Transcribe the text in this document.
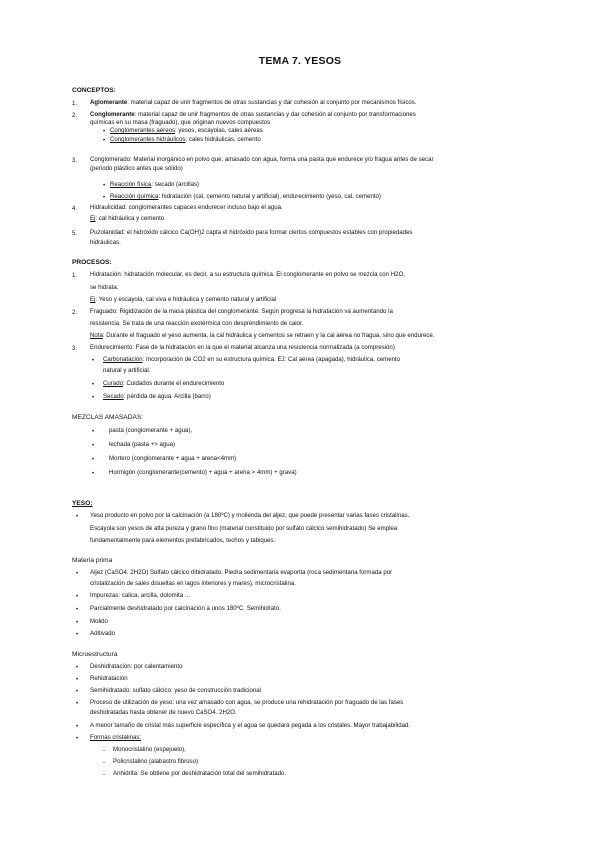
TEMA 7. YESOS
CONCEPTOS:
1. Aglomerante: material capaz de unir fragmentos de otras sustancias y dar cohesión al conjunto por mecanismos físicos.
2. Conglomerante: material capaz de unir fragmentos de otras sustancias y dar cohesión al conjunto por transformaciones
químicas en su masa (fraguado), que originan nuevos compuestos
• Conglomerantes aéreos: yesos, escayolas, cales aéreas
• Conglomerantes hidráulicos: cales hidráulicas, cemento
3. Conglomerado: Material inorgánico en polvo que, amasado con agua, forma una pasta que endurece y/o fragua antes de secar
(periodo plástico antes que sólido)
• Reacción física: secado (arcillas)
• Reacción química: hidratación (cal, cemento natural y artificial), endurecimiento (yeso, cal, cemento)
4. Hidraulicidad: conglomerantes capaces endurecer incluso bajo el agua.
Ej: cal hidráulica y cemento
5. Puzolanidad: el hidróxido cálcico Ca(OH)2 capta el hidróxido para formar ciertos compuestos estables con propiedades
hidráulicas.
PROCESOS:
1. Hidratación: hidratación molecular, es decir, a su estructura química. El conglomerante en polvo se mezcla con H2O,
se hidrata.
Ej: Yeso y escayola, cal viva e hidráulica y cemento natural y artificial
2. Fraguado: Rigidización de la masa plástica del conglomerante. Según progresa la hidratación va aumentando la
resistencia. Se trata de una reacción exotérmica con desprendimiento de calor.
Nota: Durante el fraguado el yeso aumenta, la cal hidráulica y cementos se retraen y la cal aérea no fragua, sino que endurece.
3. Endurecimiento: Fase de la hidratación en la que el material alcanza una resistencia normalizada (a compresión)
• Carbonatación: Incorporación de CO2 en su estructura química. EJ: Cal aérea (apagada), hidráulica, cemento
natural y artificial.
• Curado: Cuidados durante el endurecimiento
• Secado: pérdida de agua. Arcilla (barro)
MEZCLAS AMASADAS:
• pasta (conglomerante + agua),
• lechada (pasta +> agua)
• Mortero (conglomerante + agua + arena<4mm)
• Hormigón (conglomerante(cemento) + agua + arena > 4mm) + grava)
YESO:
• Yeso producto en polvo por la calcinación (a 180ºC) y molienda del aljez, que puede presentar varias fases cristalinas.
Escayola son yesos de alta pureza y grano fino (material constituido por sulfato cálcico semihidratado) Se emplea
fundamentalmente para elementos prefabricados, techos y tabiques.
Materia prima
• Aljez (CaSO4. 2H2O) Sulfato cálcico dihidratado. Piedra sedimentaria evaporita (roca sedimentaria formada por
cristalización de sales disueltas en lagos interiores y mares), microcristalina.
• Impurezas: calica, arcilla, dolomita ...
• Parcialmente deshidratado por calcinación a unos 180ºC. Semihidrato.
• Molido
• Aditivado
Microestructura
• Deshidratación: por calentamiento
• Rehidratación
• Semihidratado: sulfato cálcico: yeso de construcción tradicional
• Proceso de utilización de yeso: una vez amasado con agua, se produce una rehidratación por fraguado de las fases
deshidratadas hasta obtener de nuevo CaSO4. 2H2O.
• A menor tamaño de cristal más superficie específica y el agua se quedará pegada a los cristales. Mayor trabajabilidad.
• Formas cristalinas:
- Monocristalino (espejuelo),
- Policristalino (alabastro fibroso)
- Anhidrita: Se obtiene por deshidratación total del semihidratado.
